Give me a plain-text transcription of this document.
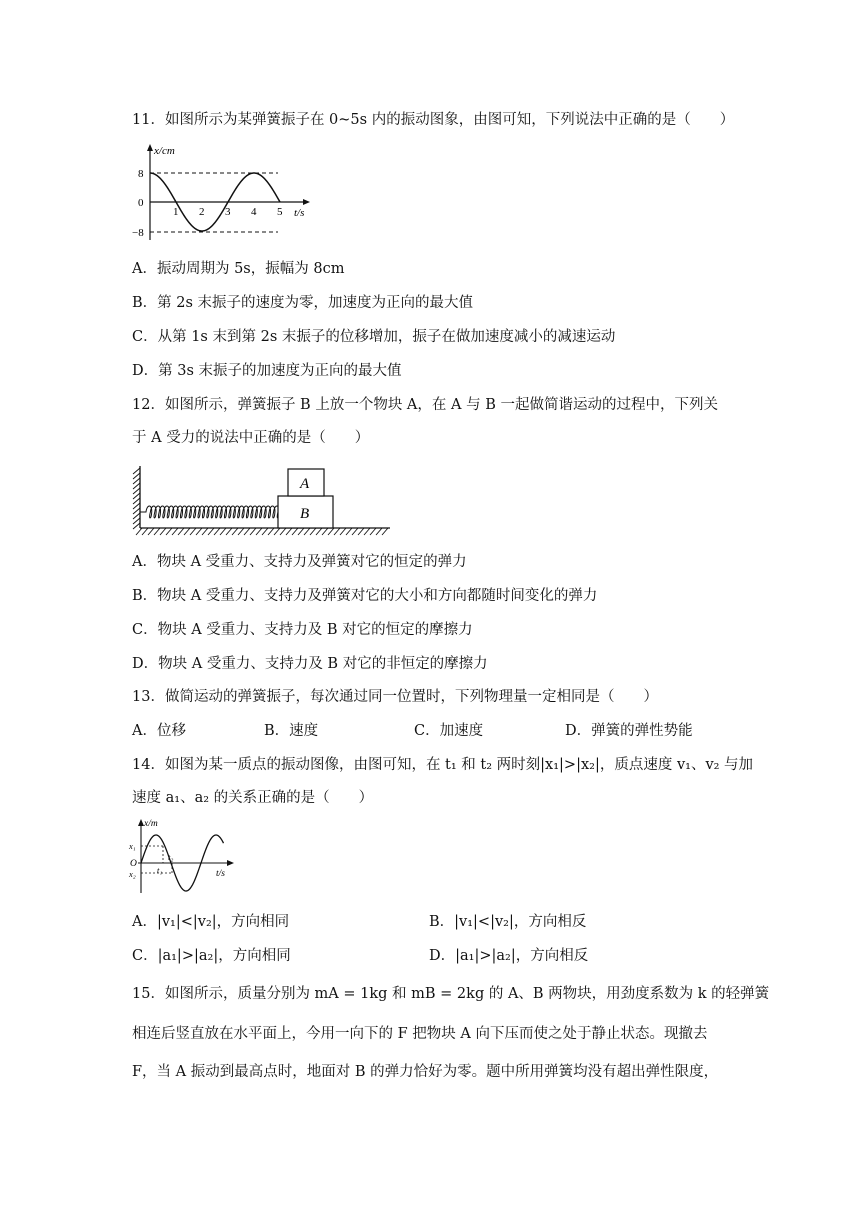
11．如图所示为某弹簧振子在 0~5s 内的振动图象，由图可知，下列说法中正确的是（　　）
x/cm
8
0
−8
1 2 3 4 5 t/s
A．振动周期为 5s，振幅为 8cm
B．第 2s 末振子的速度为零，加速度为正向的最大值
C．从第 1s 末到第 2s 末振子的位移增加，振子在做加速度减小的减速运动
D．第 3s 末振子的加速度为正向的最大值
12．如图所示，弹簧振子 B 上放一个物块 A，在 A 与 B 一起做简谐运动的过程中，下列关
于 A 受力的说法中正确的是（　　）
A
B
A．物块 A 受重力、支持力及弹簧对它的恒定的弹力
B．物块 A 受重力、支持力及弹簧对它的大小和方向都随时间变化的弹力
C．物块 A 受重力、支持力及 B 对它的恒定的摩擦力
D．物块 A 受重力、支持力及 B 对它的非恒定的摩擦力
13．做简运动的弹簧振子，每次通过同一位置时，下列物理量一定相同是（　　）
A．位移	B．速度	C．加速度	D．弹簧的弹性势能
14．如图为某一质点的振动图像，由图可知，在 t₁ 和 t₂ 两时刻|x₁|>|x₂|，质点速度 v₁、v₂ 与加
速度 a₁、a₂ 的关系正确的是（　　）
x/m
x₁
O
x₂	t₁
t₂
t/s
A．|v₁|<|v₂|，方向相同	B．|v₁|<|v₂|，方向相反
C．|a₁|>|a₂|，方向相同	D．|a₁|>|a₂|，方向相反
15．如图所示，质量分别为 mA = 1kg 和 mB = 2kg 的 A、B 两物块，用劲度系数为 k 的轻弹簧
相连后竖直放在水平面上，今用一向下的 F 把物块 A 向下压而使之处于静止状态。现撤去
F，当 A 振动到最高点时，地面对 B 的弹力恰好为零。题中所用弹簧均没有超出弹性限度，
